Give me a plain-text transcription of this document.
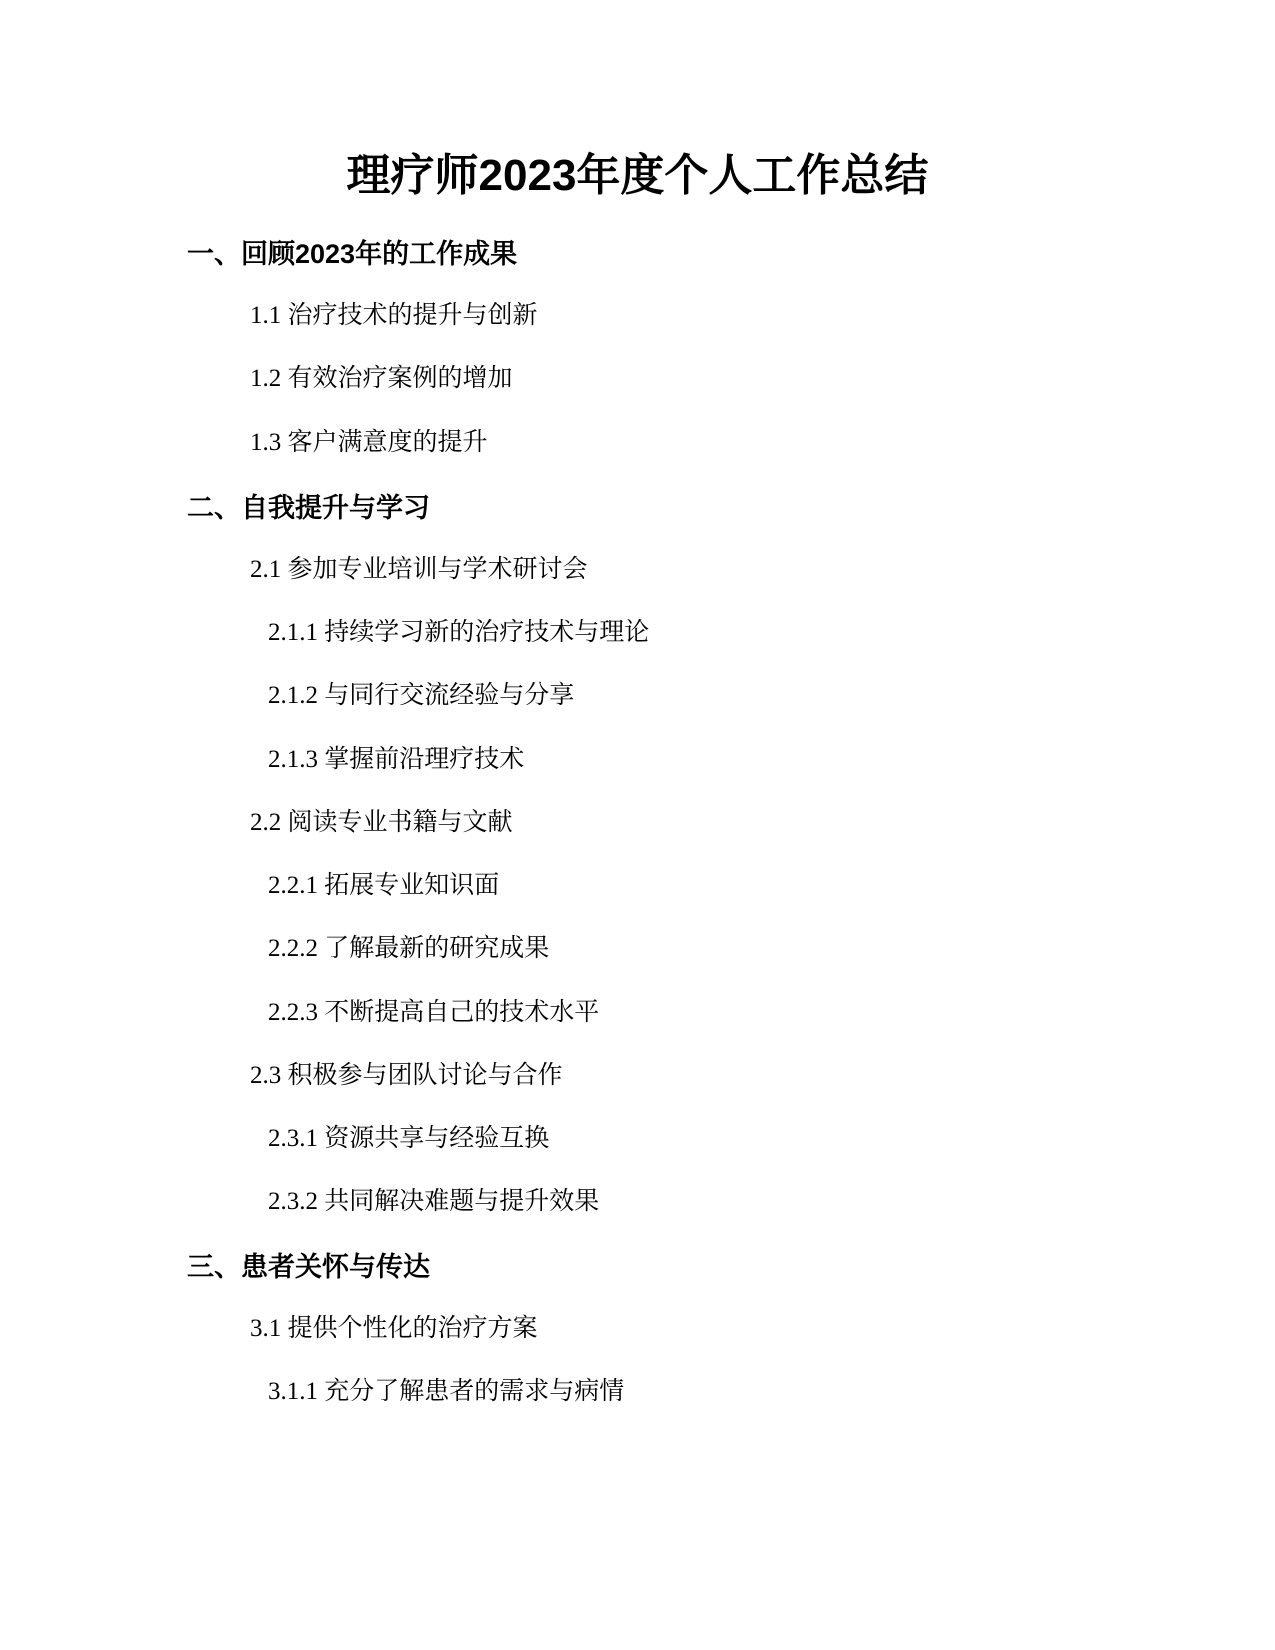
理疗师2023年度个人工作总结
一、回顾2023年的工作成果
1.1 治疗技术的提升与创新
1.2 有效治疗案例的增加
1.3 客户满意度的提升
二、自我提升与学习
2.1 参加专业培训与学术研讨会
2.1.1 持续学习新的治疗技术与理论
2.1.2 与同行交流经验与分享
2.1.3 掌握前沿理疗技术
2.2 阅读专业书籍与文献
2.2.1 拓展专业知识面
2.2.2 了解最新的研究成果
2.2.3 不断提高自己的技术水平
2.3 积极参与团队讨论与合作
2.3.1 资源共享与经验互换
2.3.2 共同解决难题与提升效果
三、患者关怀与传达
3.1 提供个性化的治疗方案
3.1.1 充分了解患者的需求与病情
